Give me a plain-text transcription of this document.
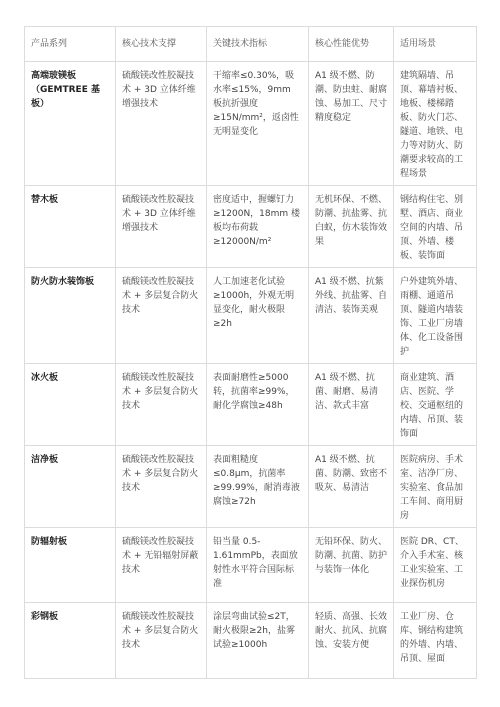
产品系列	核心技术支撑	关键技术指标	核心性能优势	适用场景
高端玻镁板（GEMTREE 基板）	硫酸镁改性胶凝技术 + 3D 立体纤维增强技术	干缩率≤0.30%，吸水率≤15%，9mm 板抗折强度≥15N/mm²，返卤性无明显变化	A1 级不燃、防潮、防虫蛀、耐腐蚀、易加工、尺寸精度稳定	建筑隔墙、吊顶、幕墙衬板、地板、楼梯踏板、防火门芯、隧道、地铁、电力等对防火、防潮要求较高的工程场景
替木板	硫酸镁改性胶凝技术 + 3D 立体纤维增强技术	密度适中，握螺钉力≥1200N，18mm 楼板均布荷载≥12000N/m²	无机环保、不燃、防潮、抗盐雾、抗白蚁，仿木装饰效果	钢结构住宅、别墅、酒店、商业空间的内墙、吊顶、外墙、楼板、装饰面
防火防水装饰板	硫酸镁改性胶凝技术 + 多层复合防火技术	人工加速老化试验≥1000h，外观无明显变化，耐火极限≥2h	A1 级不燃、抗紫外线、抗盐雾、自清洁、装饰美观	户外建筑外墙、雨棚、通道吊顶、隧道内墙装饰、工业厂房墙体、化工设备围护
冰火板	硫酸镁改性胶凝技术 + 多层复合防火技术	表面耐磨性≥5000 转，抗菌率≥99%，耐化学腐蚀≥48h	A1 级不燃、抗菌、耐磨、易清洁、款式丰富	商业建筑、酒店、医院、学校、交通枢纽的内墙、吊顶、装饰面
洁净板	硫酸镁改性胶凝技术 + 多层复合防火技术	表面粗糙度≤0.8μm，抗菌率≥99.99%，耐消毒液腐蚀≥72h	A1 级不燃、抗菌、防潮、致密不吸灰、易清洁	医院病房、手术室、洁净厂房、实验室、食品加工车间、商用厨房
防辐射板	硫酸镁改性胶凝技术 + 无铅辐射屏蔽技术	铅当量 0.5-1.61mmPb，表面放射性水平符合国际标准	无铅环保、防火、防潮、抗菌、防护与装饰一体化	医院 DR、CT、介入手术室、核工业实验室、工业探伤机房
彩钢板	硫酸镁改性胶凝技术 + 多层复合防火技术	涂层弯曲试验≤2T，耐火极限≥2h，盐雾试验≥1000h	轻质、高强、长效耐火、抗风、抗腐蚀、安装方便	工业厂房、仓库、钢结构建筑的外墙、内墙、吊顶、屋面
